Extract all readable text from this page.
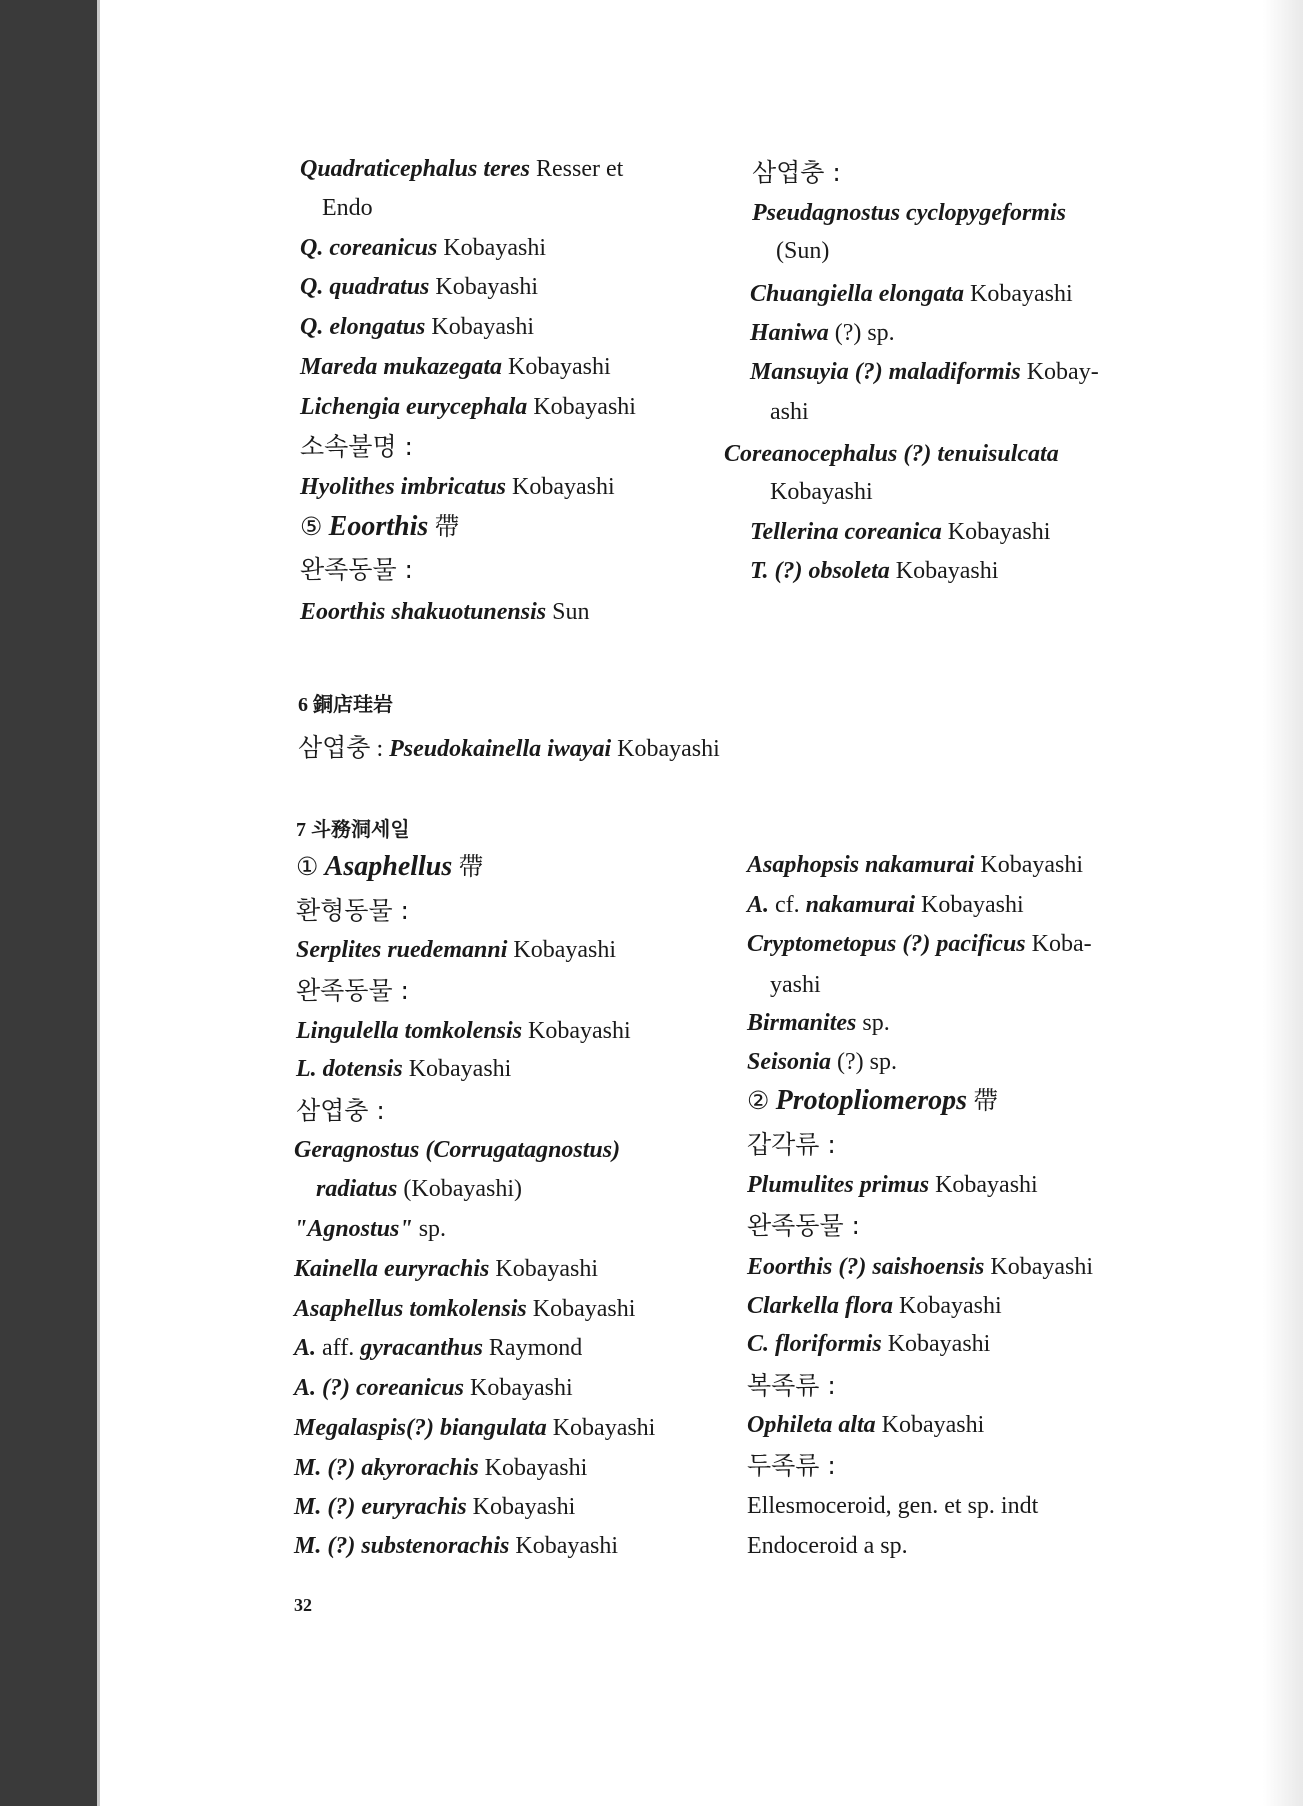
Quadraticephalus teres Resser et
Endo
Q. coreanicus Kobayashi
Q. quadratus Kobayashi
Q. elongatus Kobayashi
Mareda mukazegata Kobayashi
Lichengia eurycephala Kobayashi
소속불명 :
Hyolithes imbricatus Kobayashi
⑤ Eoorthis 帶
완족동물 :
Eoorthis shakuotunensis Sun
삼엽충 :
Pseudagnostus cyclopygeformis
(Sun)
Chuangiella elongata Kobayashi
Haniwa (?) sp.
Mansuyia (?) maladiformis Kobay-
ashi
Coreanocephalus (?) tenuisulcata
Kobayashi
Tellerina coreanica Kobayashi
T. (?) obsoleta Kobayashi
6 銅店珪岩
삼엽충 : Pseudokainella iwayai Kobayashi
7 斗務洞세일
① Asaphellus 帶
환형동물 :
Serplites ruedemanni Kobayashi
완족동물 :
Lingulella tomkolensis Kobayashi
L. dotensis Kobayashi
삼엽충 :
Geragnostus (Corrugatagnostus)
radiatus (Kobayashi)
"Agnostus" sp.
Kainella euryrachis Kobayashi
Asaphellus tomkolensis Kobayashi
A. aff. gyracanthus Raymond
A. (?) coreanicus Kobayashi
Megalaspis(?) biangulata Kobayashi
M. (?) akyrorachis Kobayashi
M. (?) euryrachis Kobayashi
M. (?) substenorachis Kobayashi
Asaphopsis nakamurai Kobayashi
A. cf. nakamurai Kobayashi
Cryptometopus (?) pacificus Koba-
yashi
Birmanites sp.
Seisonia (?) sp.
② Protopliomerops 帶
갑각류 :
Plumulites primus Kobayashi
완족동물 :
Eoorthis (?) saishoensis Kobayashi
Clarkella flora Kobayashi
C. floriformis Kobayashi
복족류 :
Ophileta alta Kobayashi
두족류 :
Ellesmoceroid, gen. et sp. indt
Endoceroid a sp.
32
